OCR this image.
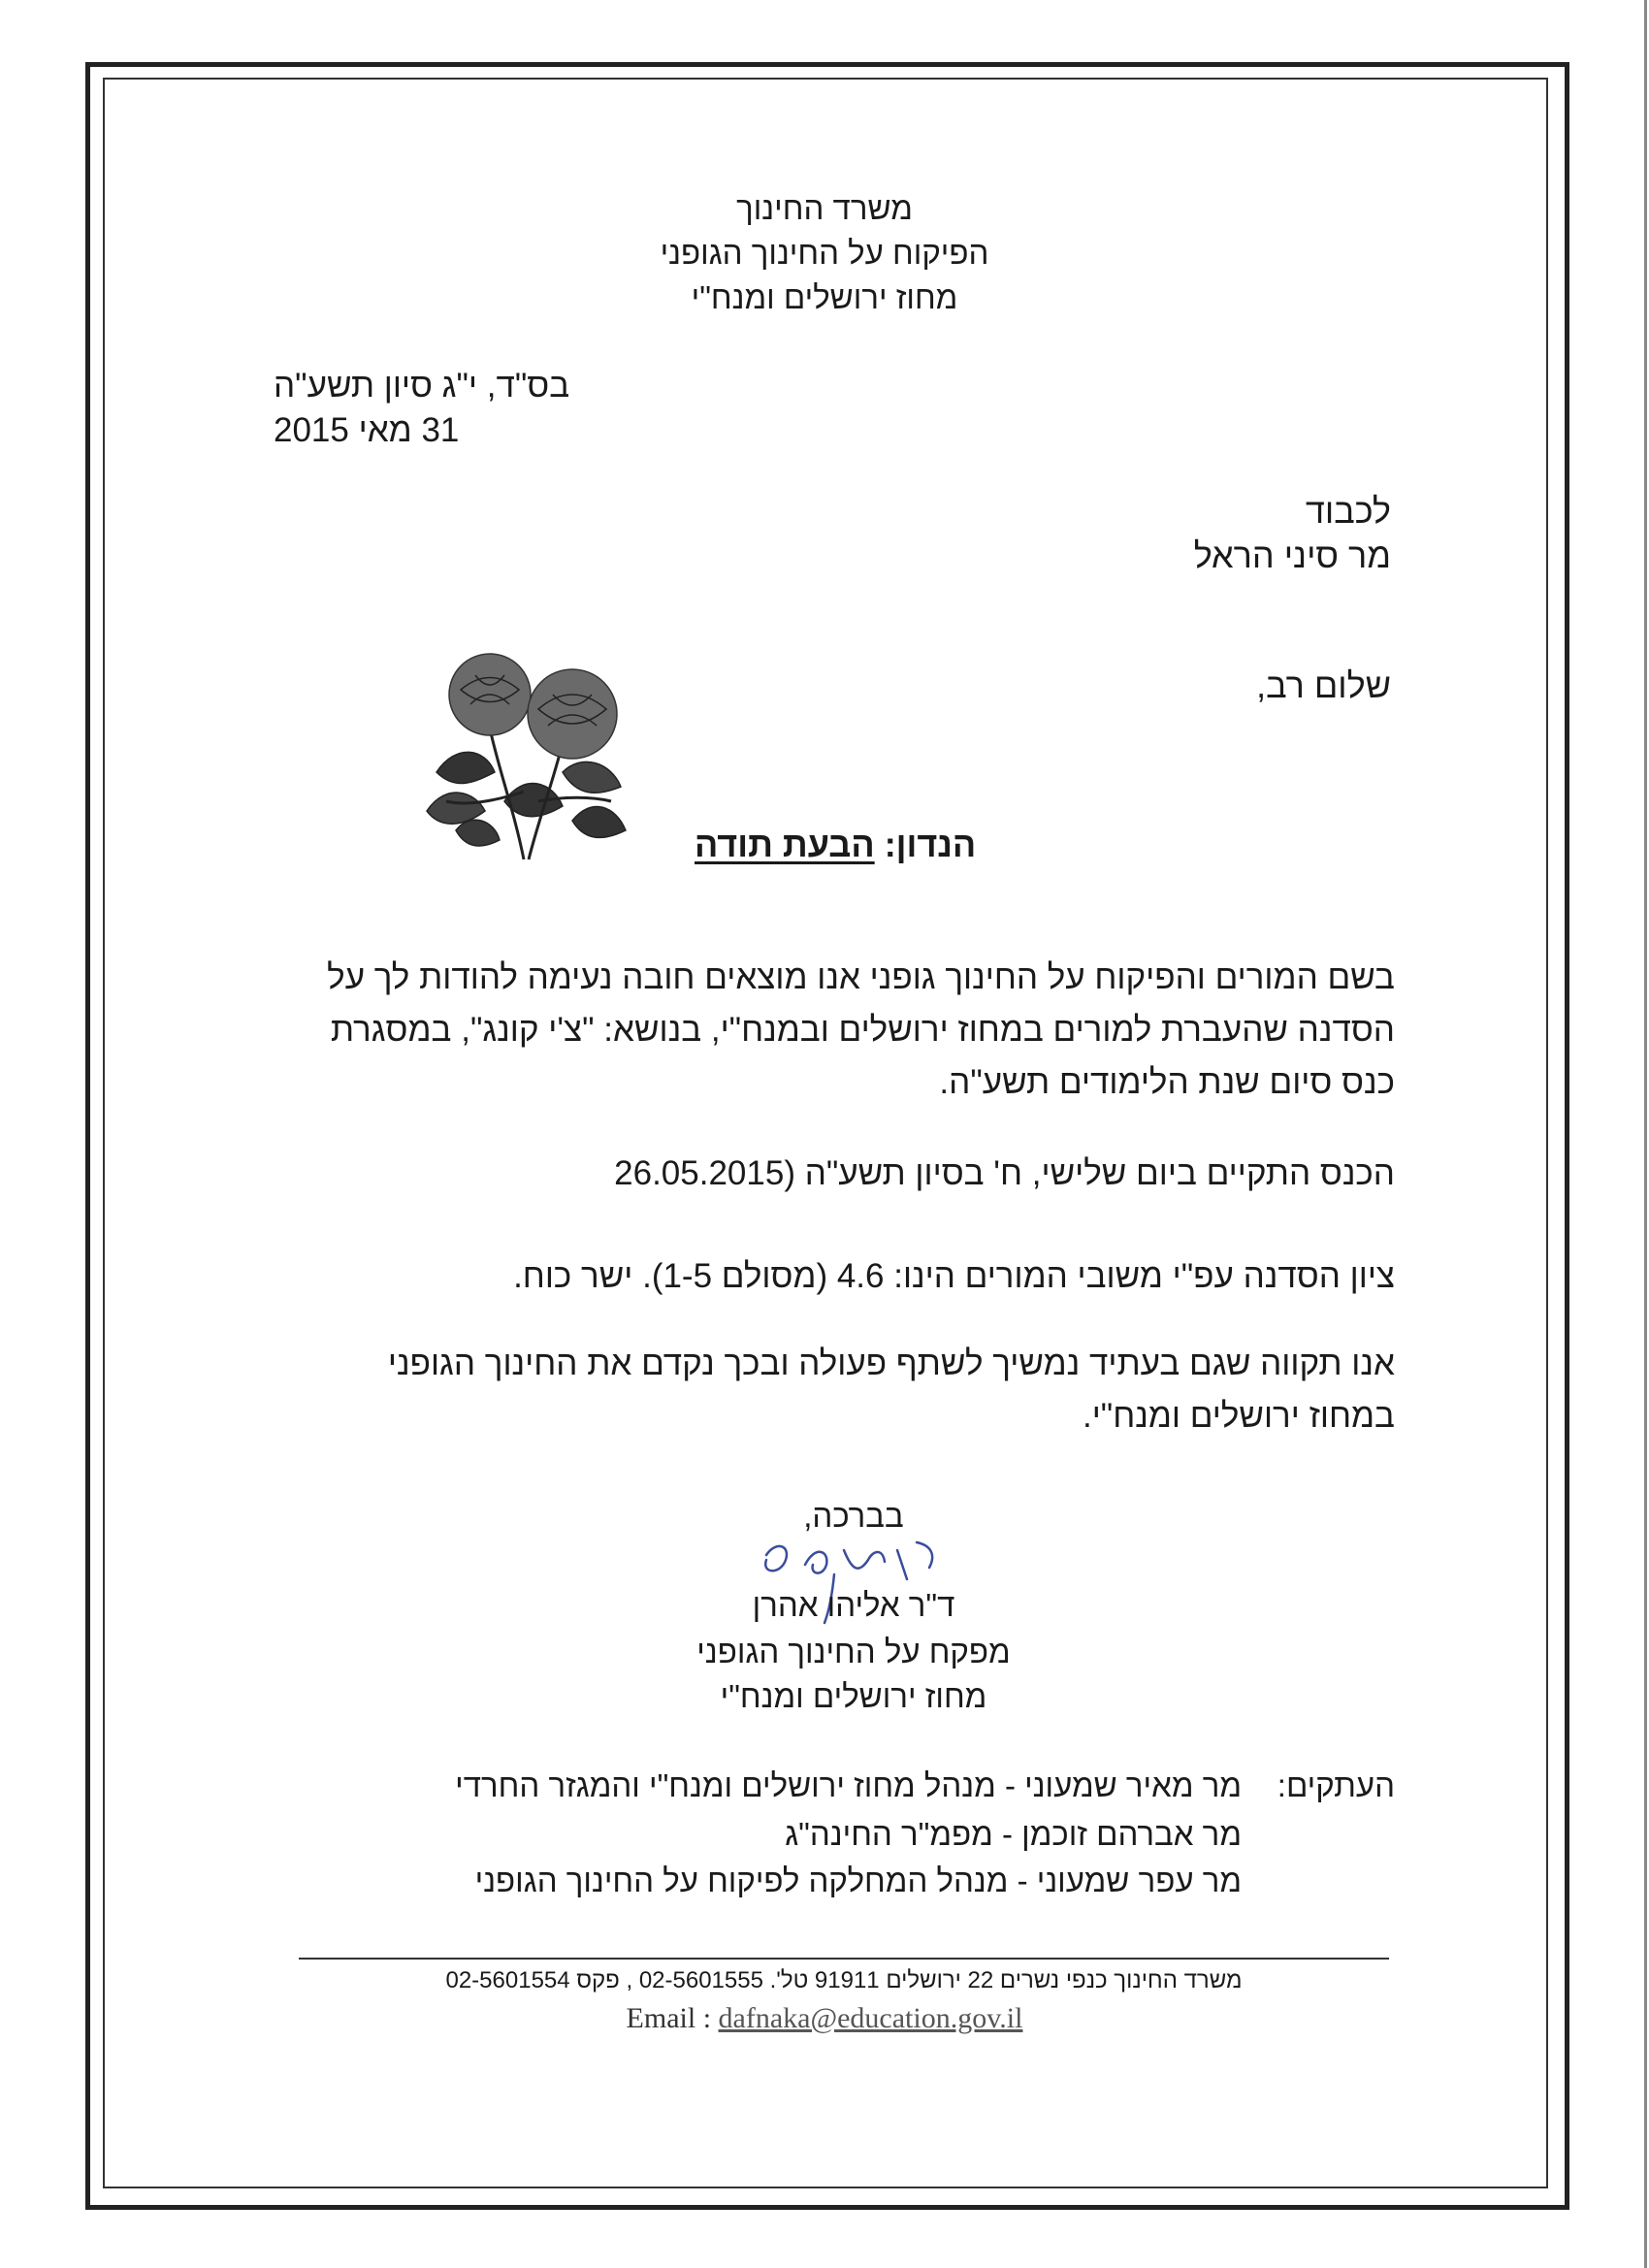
משרד החינוך
הפיקוח על החינוך הגופני
מחוז ירושלים ומנח"י
בס"ד, י"ג סיון תשע"ה
31 מאי 2015
לכבוד
מר סיני הראל
שלום רב,
הנדון: הבעת תודה
בשם המורים והפיקוח על החינוך גופני אנו מוצאים חובה נעימה להודות לך על
הסדנה שהעברת למורים במחוז ירושלים ובמנח"י, בנושא: "צ'י קונג", במסגרת
כנס סיום שנת הלימודים תשע"ה.
הכנס התקיים ביום שלישי, ח' בסיון תשע"ה (26.05.2015
ציון הסדנה עפ"י משובי המורים הינו: 4.6 (מסולם 1-5). ישר כוח.
אנו תקווה שגם בעתיד נמשיך לשתף פעולה ובכך נקדם את החינוך הגופני
במחוז ירושלים ומנח"י.
בברכה,
ד"ר אליהו אהרן
מפקח על החינוך הגופני
מחוז ירושלים ומנח"י
העתקים:
מר מאיר שמעוני - מנהל מחוז ירושלים ומנח"י והמגזר החרדי
מר אברהם זוכמן - מפמ"ר החינה"ג
מר עפר שמעוני - מנהל המחלקה לפיקוח על החינוך הגופני
משרד החינוך כנפי נשרים 22 ירושלים 91911 טל'. 02-5601555 , פקס 02-5601554
Email : dafnaka@education.gov.il
